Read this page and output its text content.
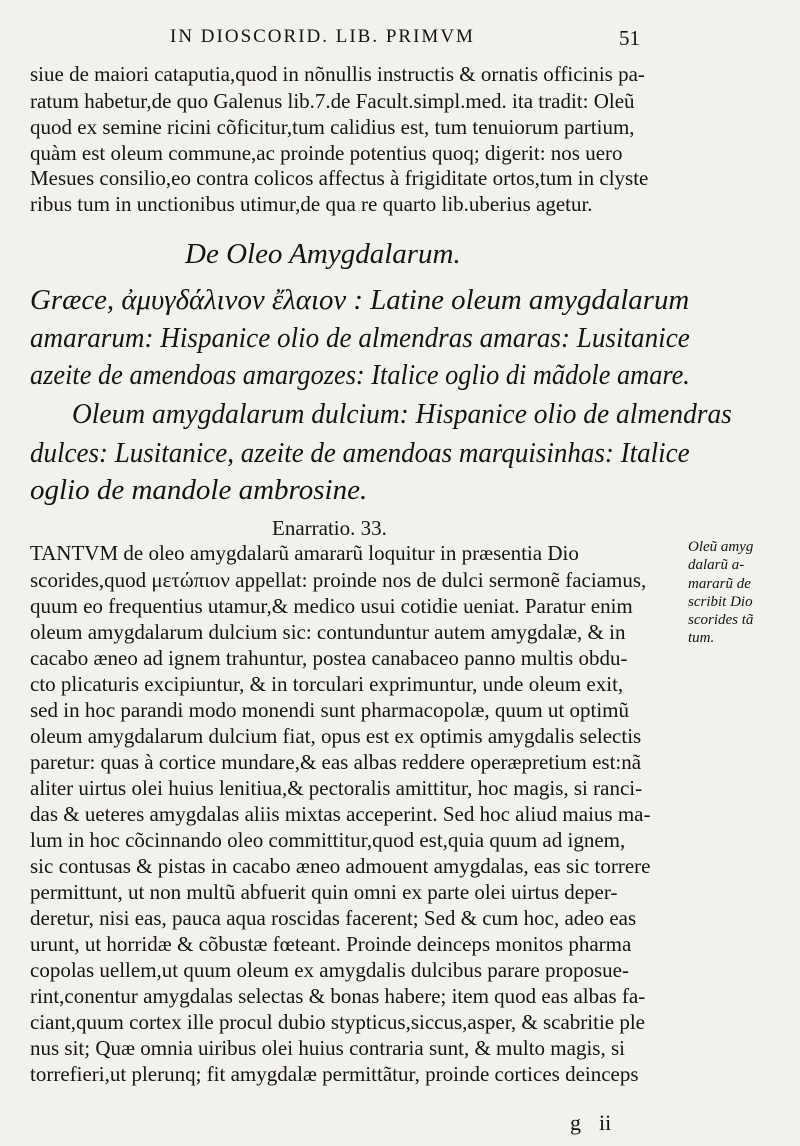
IN DIOSCORID. LIB. PRIMVM	51
siue de maiori cataputia,quod in nõnullis instructis & ornatis officinis pa-
ratum habetur,de quo Galenus lib.7.de Facult.simpl.med. ita tradit: Oleũ
quod ex semine ricini cõficitur,tum calidius est, tum tenuiorum partium,
quàm est oleum commune,ac proinde potentius quoq; digerit: nos uero
Mesues consilio,eo contra colicos affectus à frigiditate ortos,tum in clyste
ribus tum in unctionibus utimur,de qua re quarto lib.uberius agetur.
De Oleo Amygdalarum.
Græce, ἀμυγδάλινον ἔλαιον : Latine oleum amygdalarum
amararum: Hispanice olio de almendras amaras: Lusitanice
azeite de amendoas amargozes: Italice oglio di mãdole amare.
Oleum amygdalarum dulcium: Hispanice olio de almendras
dulces: Lusitanice, azeite de amendoas marquisinhas: Italice
oglio de mandole ambrosine.
Enarratio. 33.
TANTVM de oleo amygdalarũ amararũ loquitur in præsentia Dio
scorides,quod μετώπιον appellat: proinde nos de dulci sermonẽ faciamus,
quum eo frequentius utamur,& medico usui cotidie ueniat. Paratur enim
oleum amygdalarum dulcium sic: contunduntur autem amygdalæ, & in
cacabo æneo ad ignem trahuntur, postea canabaceo panno multis obdu-
cto plicaturis excipiuntur, & in torculari exprimuntur, unde oleum exit,
sed in hoc parandi modo monendi sunt pharmacopolæ, quum ut optimũ
oleum amygdalarum dulcium fiat, opus est ex optimis amygdalis selectis
paretur: quas à cortice mundare,& eas albas reddere operæpretium est:nã
aliter uirtus olei huius lenitiua,& pectoralis amittitur, hoc magis, si ranci-
das & ueteres amygdalas aliis mixtas acceperint. Sed hoc aliud maius ma-
lum in hoc cõcinnando oleo committitur,quod est,quia quum ad ignem,
sic contusas & pistas in cacabo æneo admouent amygdalas, eas sic torrere
permittunt, ut non multũ abfuerit quin omni ex parte olei uirtus deper-
deretur, nisi eas, pauca aqua roscidas facerent; Sed & cum hoc, adeo eas
urunt, ut horridæ & cõbustæ fœteant. Proinde deinceps monitos pharma
copolas uellem,ut quum oleum ex amygdalis dulcibus parare proposue-
rint,conentur amygdalas selectas & bonas habere; item quod eas albas fa-
ciant,quum cortex ille procul dubio stypticus,siccus,asper, & scabritie ple
nus sit; Quæ omnia uiribus olei huius contraria sunt, & multo magis, si
torrefieri,ut plerunq; fit amygdalæ permittãtur, proinde cortices deinceps
Oleũ amyg
dalarũ a-
mararũ de
scribit Dio
scorides tã
tum.
g ii
